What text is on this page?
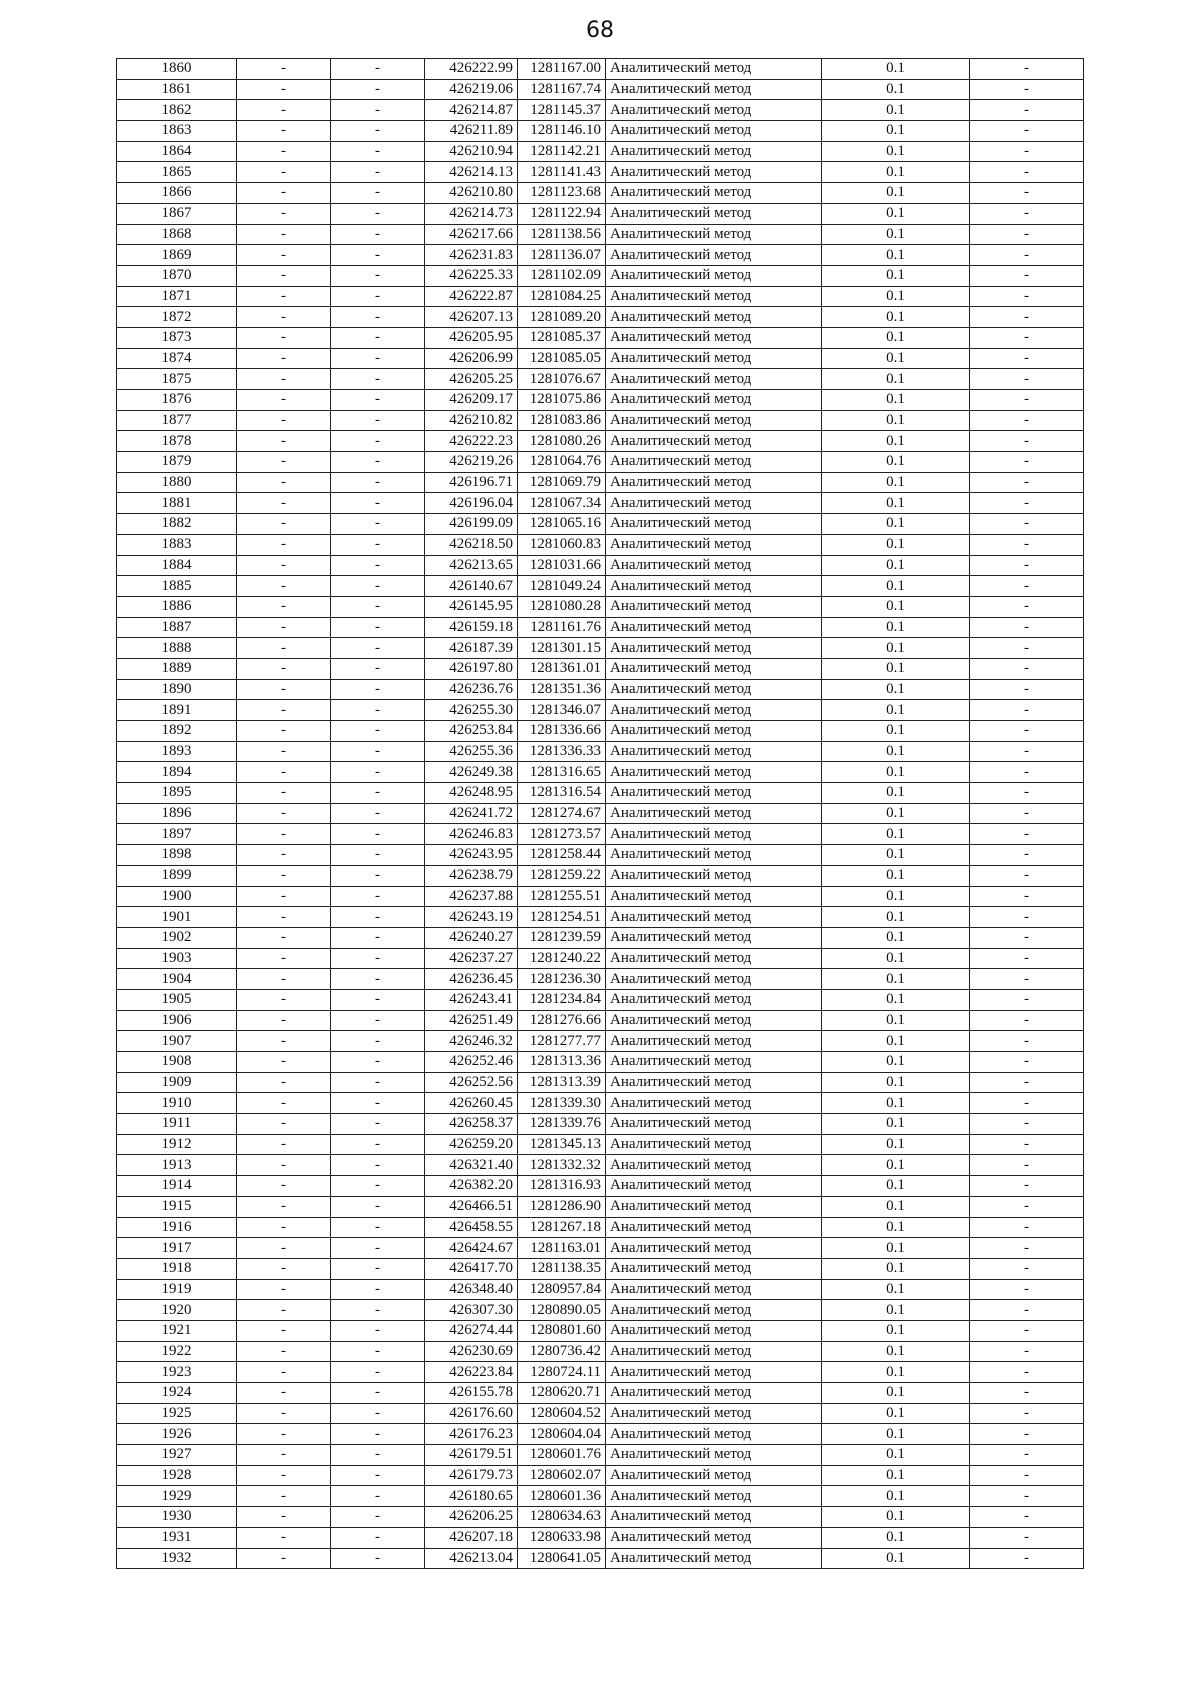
68
1860	-	-	426222.99	1281167.00	Аналитический метод	0.1	-
1861	-	-	426219.06	1281167.74	Аналитический метод	0.1	-
1862	-	-	426214.87	1281145.37	Аналитический метод	0.1	-
1863	-	-	426211.89	1281146.10	Аналитический метод	0.1	-
1864	-	-	426210.94	1281142.21	Аналитический метод	0.1	-
1865	-	-	426214.13	1281141.43	Аналитический метод	0.1	-
1866	-	-	426210.80	1281123.68	Аналитический метод	0.1	-
1867	-	-	426214.73	1281122.94	Аналитический метод	0.1	-
1868	-	-	426217.66	1281138.56	Аналитический метод	0.1	-
1869	-	-	426231.83	1281136.07	Аналитический метод	0.1	-
1870	-	-	426225.33	1281102.09	Аналитический метод	0.1	-
1871	-	-	426222.87	1281084.25	Аналитический метод	0.1	-
1872	-	-	426207.13	1281089.20	Аналитический метод	0.1	-
1873	-	-	426205.95	1281085.37	Аналитический метод	0.1	-
1874	-	-	426206.99	1281085.05	Аналитический метод	0.1	-
1875	-	-	426205.25	1281076.67	Аналитический метод	0.1	-
1876	-	-	426209.17	1281075.86	Аналитический метод	0.1	-
1877	-	-	426210.82	1281083.86	Аналитический метод	0.1	-
1878	-	-	426222.23	1281080.26	Аналитический метод	0.1	-
1879	-	-	426219.26	1281064.76	Аналитический метод	0.1	-
1880	-	-	426196.71	1281069.79	Аналитический метод	0.1	-
1881	-	-	426196.04	1281067.34	Аналитический метод	0.1	-
1882	-	-	426199.09	1281065.16	Аналитический метод	0.1	-
1883	-	-	426218.50	1281060.83	Аналитический метод	0.1	-
1884	-	-	426213.65	1281031.66	Аналитический метод	0.1	-
1885	-	-	426140.67	1281049.24	Аналитический метод	0.1	-
1886	-	-	426145.95	1281080.28	Аналитический метод	0.1	-
1887	-	-	426159.18	1281161.76	Аналитический метод	0.1	-
1888	-	-	426187.39	1281301.15	Аналитический метод	0.1	-
1889	-	-	426197.80	1281361.01	Аналитический метод	0.1	-
1890	-	-	426236.76	1281351.36	Аналитический метод	0.1	-
1891	-	-	426255.30	1281346.07	Аналитический метод	0.1	-
1892	-	-	426253.84	1281336.66	Аналитический метод	0.1	-
1893	-	-	426255.36	1281336.33	Аналитический метод	0.1	-
1894	-	-	426249.38	1281316.65	Аналитический метод	0.1	-
1895	-	-	426248.95	1281316.54	Аналитический метод	0.1	-
1896	-	-	426241.72	1281274.67	Аналитический метод	0.1	-
1897	-	-	426246.83	1281273.57	Аналитический метод	0.1	-
1898	-	-	426243.95	1281258.44	Аналитический метод	0.1	-
1899	-	-	426238.79	1281259.22	Аналитический метод	0.1	-
1900	-	-	426237.88	1281255.51	Аналитический метод	0.1	-
1901	-	-	426243.19	1281254.51	Аналитический метод	0.1	-
1902	-	-	426240.27	1281239.59	Аналитический метод	0.1	-
1903	-	-	426237.27	1281240.22	Аналитический метод	0.1	-
1904	-	-	426236.45	1281236.30	Аналитический метод	0.1	-
1905	-	-	426243.41	1281234.84	Аналитический метод	0.1	-
1906	-	-	426251.49	1281276.66	Аналитический метод	0.1	-
1907	-	-	426246.32	1281277.77	Аналитический метод	0.1	-
1908	-	-	426252.46	1281313.36	Аналитический метод	0.1	-
1909	-	-	426252.56	1281313.39	Аналитический метод	0.1	-
1910	-	-	426260.45	1281339.30	Аналитический метод	0.1	-
1911	-	-	426258.37	1281339.76	Аналитический метод	0.1	-
1912	-	-	426259.20	1281345.13	Аналитический метод	0.1	-
1913	-	-	426321.40	1281332.32	Аналитический метод	0.1	-
1914	-	-	426382.20	1281316.93	Аналитический метод	0.1	-
1915	-	-	426466.51	1281286.90	Аналитический метод	0.1	-
1916	-	-	426458.55	1281267.18	Аналитический метод	0.1	-
1917	-	-	426424.67	1281163.01	Аналитический метод	0.1	-
1918	-	-	426417.70	1281138.35	Аналитический метод	0.1	-
1919	-	-	426348.40	1280957.84	Аналитический метод	0.1	-
1920	-	-	426307.30	1280890.05	Аналитический метод	0.1	-
1921	-	-	426274.44	1280801.60	Аналитический метод	0.1	-
1922	-	-	426230.69	1280736.42	Аналитический метод	0.1	-
1923	-	-	426223.84	1280724.11	Аналитический метод	0.1	-
1924	-	-	426155.78	1280620.71	Аналитический метод	0.1	-
1925	-	-	426176.60	1280604.52	Аналитический метод	0.1	-
1926	-	-	426176.23	1280604.04	Аналитический метод	0.1	-
1927	-	-	426179.51	1280601.76	Аналитический метод	0.1	-
1928	-	-	426179.73	1280602.07	Аналитический метод	0.1	-
1929	-	-	426180.65	1280601.36	Аналитический метод	0.1	-
1930	-	-	426206.25	1280634.63	Аналитический метод	0.1	-
1931	-	-	426207.18	1280633.98	Аналитический метод	0.1	-
1932	-	-	426213.04	1280641.05	Аналитический метод	0.1	-
